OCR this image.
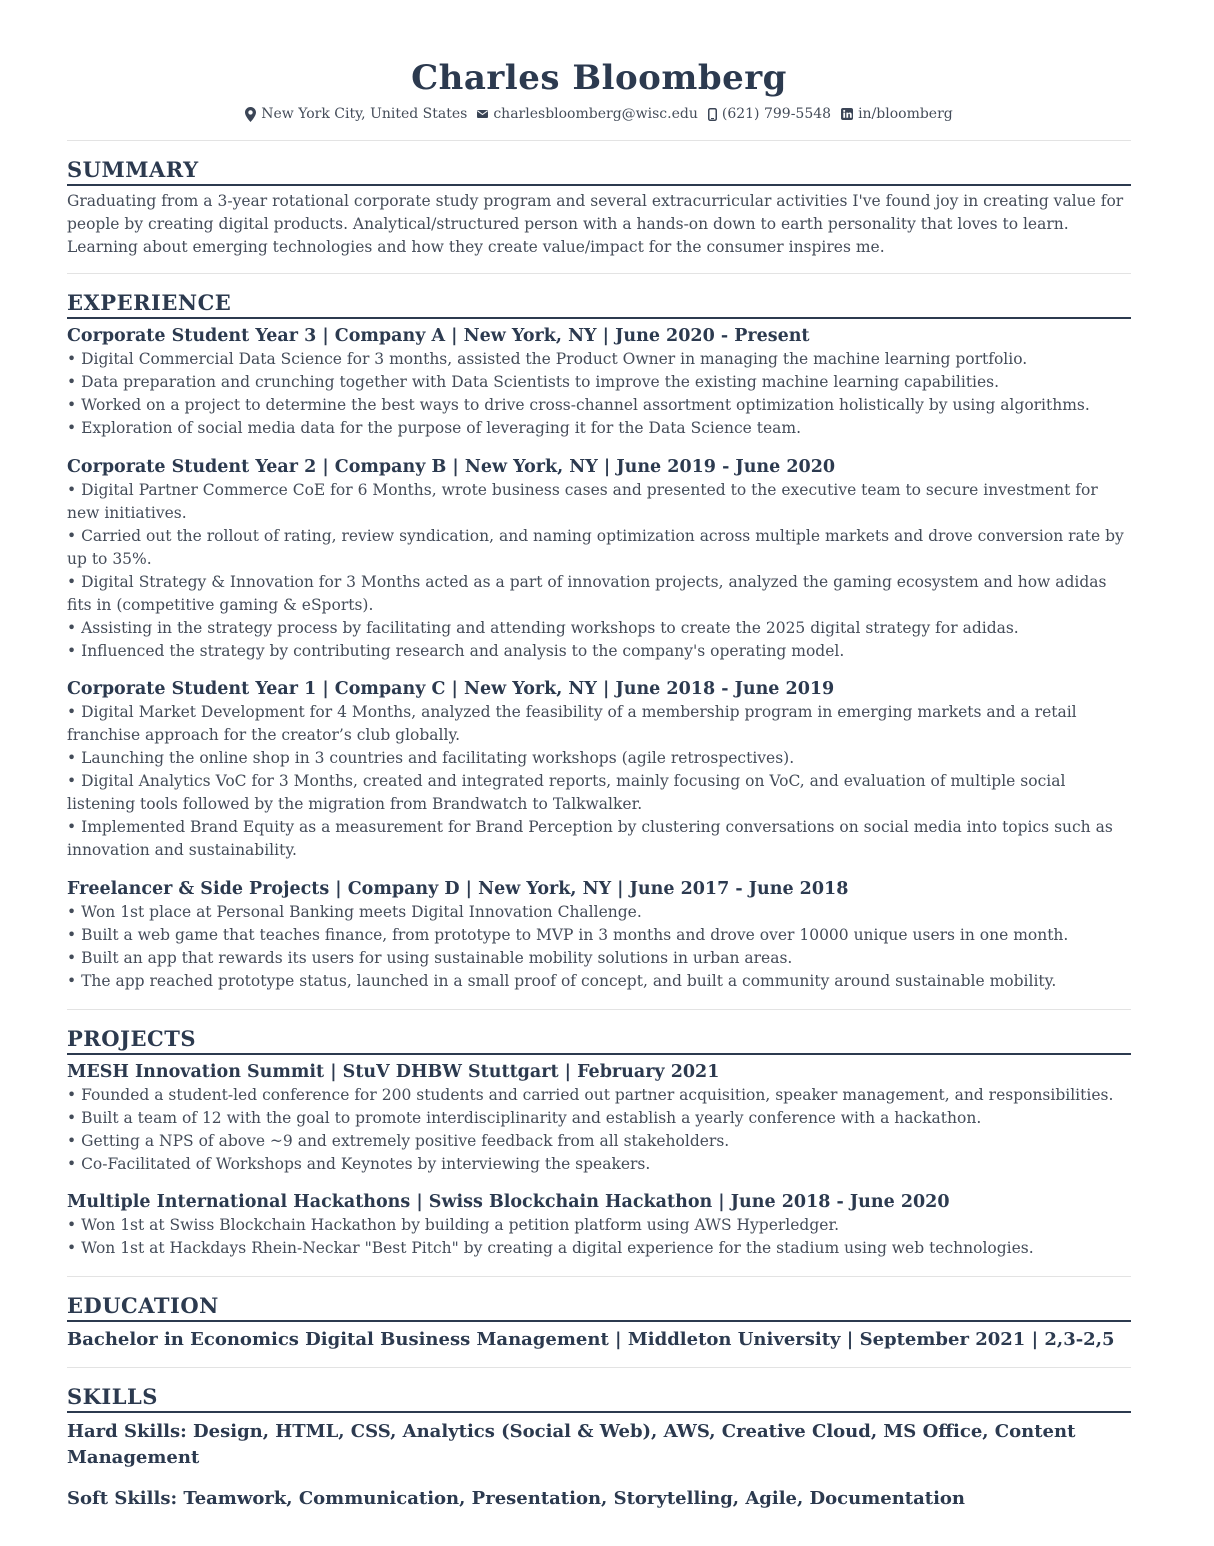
Charles Bloomberg
New York City, United States charlesbloomberg@wisc.edu (621) 799-5548 in/bloomberg
SUMMARY

Graduating from a 3-year rotational corporate study program and several extracurricular activities I've found joy in creating value for people by creating digital products. Analytical/structured person with a hands-on down to earth personality that loves to learn. Learning about emerging technologies and how they create value/impact for the consumer inspires me.

EXPERIENCE

Corporate Student Year 3 | Company A | New York, NY | June 2020 - Present

• Digital Commercial Data Science for 3 months, assisted the Product Owner in managing the machine learning portfolio.

• Data preparation and crunching together with Data Scientists to improve the existing machine learning capabilities.

• Worked on a project to determine the best ways to drive cross-channel assortment optimization holistically by using algorithms.

• Exploration of social media data for the purpose of leveraging it for the Data Science team.

Corporate Student Year 2 | Company B | New York, NY | June 2019 - June 2020

• Digital Partner Commerce CoE for 6 Months, wrote business cases and presented to the executive team to secure investment for new initiatives.

• Carried out the rollout of rating, review syndication, and naming optimization across multiple markets and drove conversion rate by up to 35%.

• Digital Strategy & Innovation for 3 Months acted as a part of innovation projects, analyzed the gaming ecosystem and how adidas fits in (competitive gaming & eSports).

• Assisting in the strategy process by facilitating and attending workshops to create the 2025 digital strategy for adidas.

• Influenced the strategy by contributing research and analysis to the company's operating model.

Corporate Student Year 1 | Company C | New York, NY | June 2018 - June 2019

• Digital Market Development for 4 Months, analyzed the feasibility of a membership program in emerging markets and a retail franchise approach for the creator’s club globally.

• Launching the online shop in 3 countries and facilitating workshops (agile retrospectives).

• Digital Analytics VoC for 3 Months, created and integrated reports, mainly focusing on VoC, and evaluation of multiple social listening tools followed by the migration from Brandwatch to Talkwalker.

• Implemented Brand Equity as a measurement for Brand Perception by clustering conversations on social media into topics such as innovation and sustainability.

Freelancer & Side Projects | Company D | New York, NY | June 2017 - June 2018

• Won 1st place at Personal Banking meets Digital Innovation Challenge.

• Built a web game that teaches finance, from prototype to MVP in 3 months and drove over 10000 unique users in one month.

• Built an app that rewards its users for using sustainable mobility solutions in urban areas.

• The app reached prototype status, launched in a small proof of concept, and built a community around sustainable mobility.

PROJECTS

MESH Innovation Summit | StuV DHBW Stuttgart | February 2021

• Founded a student-led conference for 200 students and carried out partner acquisition, speaker management, and responsibilities.

• Built a team of 12 with the goal to promote interdisciplinarity and establish a yearly conference with a hackathon.

• Getting a NPS of above ~9 and extremely positive feedback from all stakeholders.

• Co-Facilitated of Workshops and Keynotes by interviewing the speakers.

Multiple International Hackathons | Swiss Blockchain Hackathon | June 2018 - June 2020

• Won 1st at Swiss Blockchain Hackathon by building a petition platform using AWS Hyperledger.

• Won 1st at Hackdays Rhein-Neckar "Best Pitch" by creating a digital experience for the stadium using web technologies.

EDUCATION

Bachelor in Economics Digital Business Management | Middleton University | September 2021 | 2,3-2,5

SKILLS

Hard Skills: Design, HTML, CSS, Analytics (Social & Web), AWS, Creative Cloud, MS Office, Content Management

Soft Skills: Teamwork, Communication, Presentation, Storytelling, Agile, Documentation
